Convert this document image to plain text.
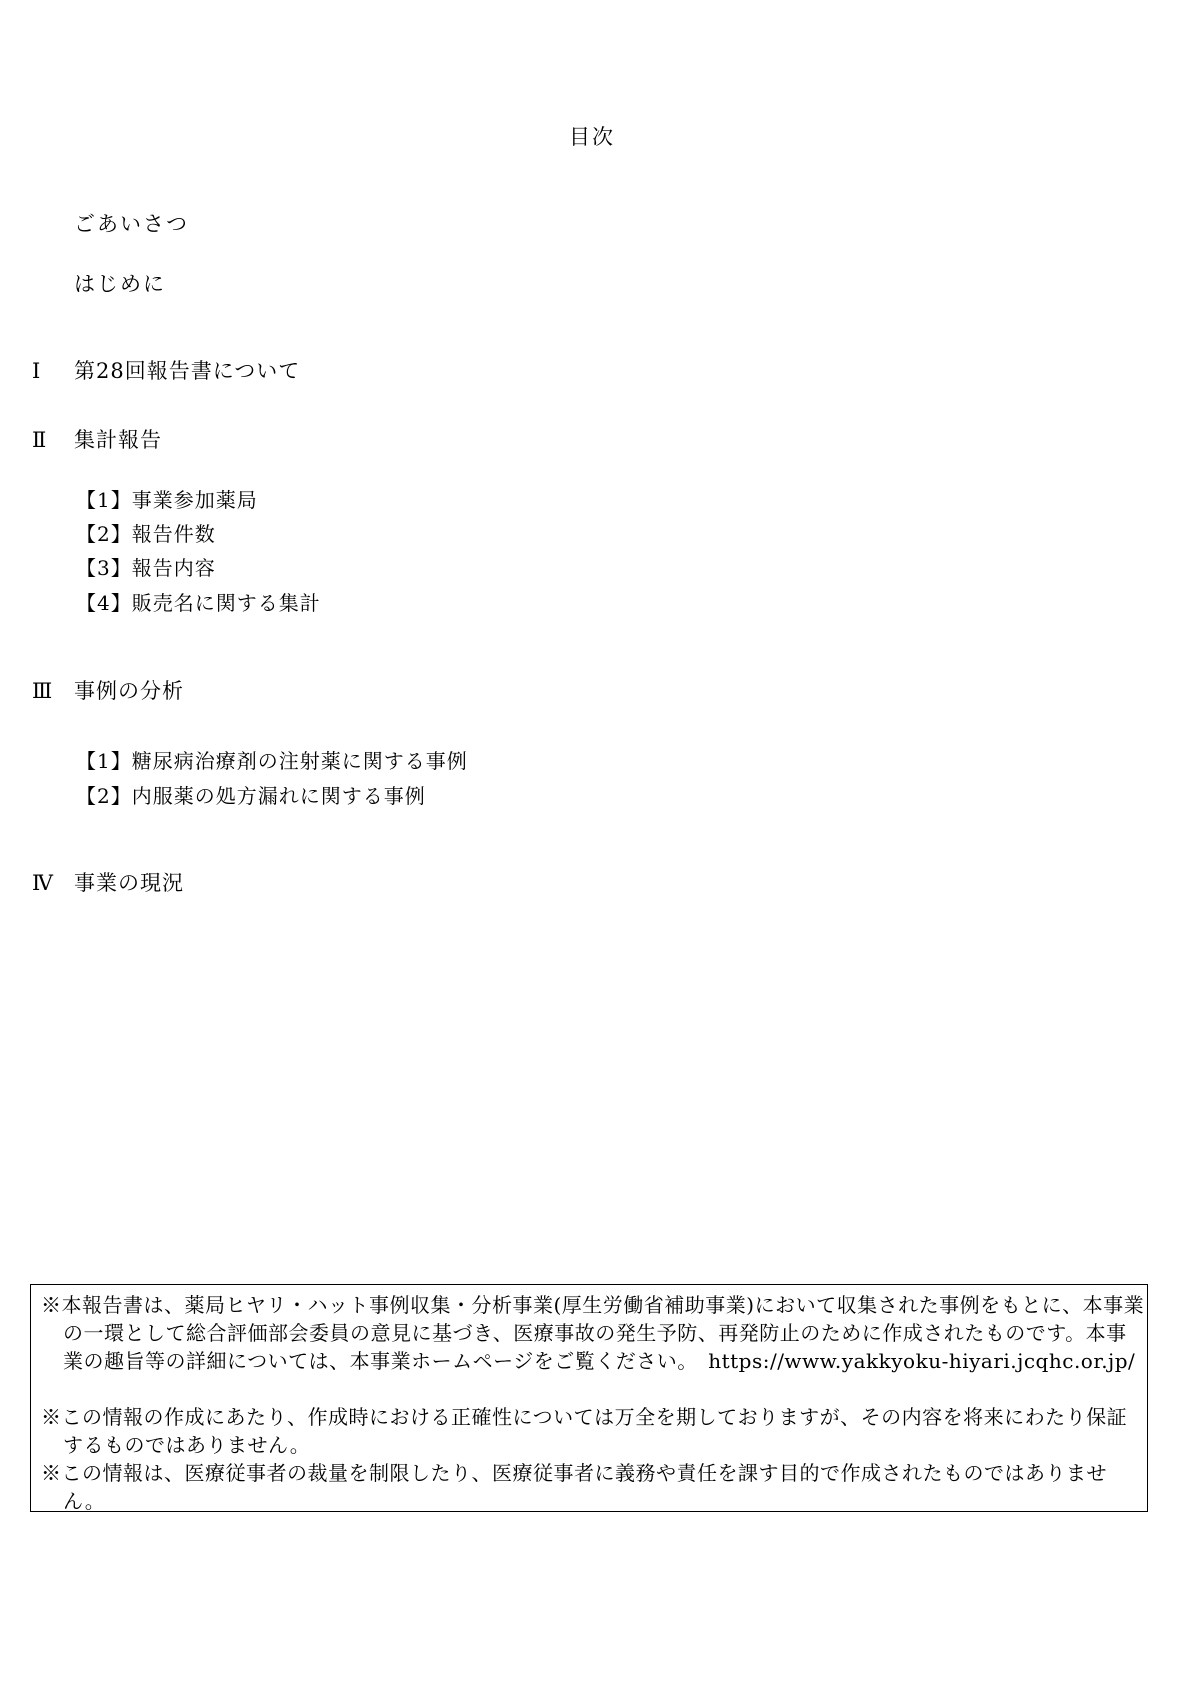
目次
ごあいさつ
はじめに
Ⅰ 第28回報告書について
Ⅱ 集計報告
【1】事業参加薬局
【2】報告件数
【3】報告内容
【4】販売名に関する集計
Ⅲ 事例の分析
【1】糖尿病治療剤の注射薬に関する事例
【2】内服薬の処方漏れに関する事例
Ⅳ 事業の現況
※本報告書は、薬局ヒヤリ・ハット事例収集・分析事業(厚生労働省補助事業)において収集された事例をもとに、本事業の一環として総合評価部会委員の意見に基づき、医療事故の発生予防、再発防止のために作成されたものです。本事業の趣旨等の詳細については、本事業ホームページをご覧ください。　https://www.yakkyoku-hiyari.jcqhc.or.jp/
※この情報の作成にあたり、作成時における正確性については万全を期しておりますが、その内容を将来にわたり保証するものではありません。
※この情報は、医療従事者の裁量を制限したり、医療従事者に義務や責任を課す目的で作成されたものではありません。
